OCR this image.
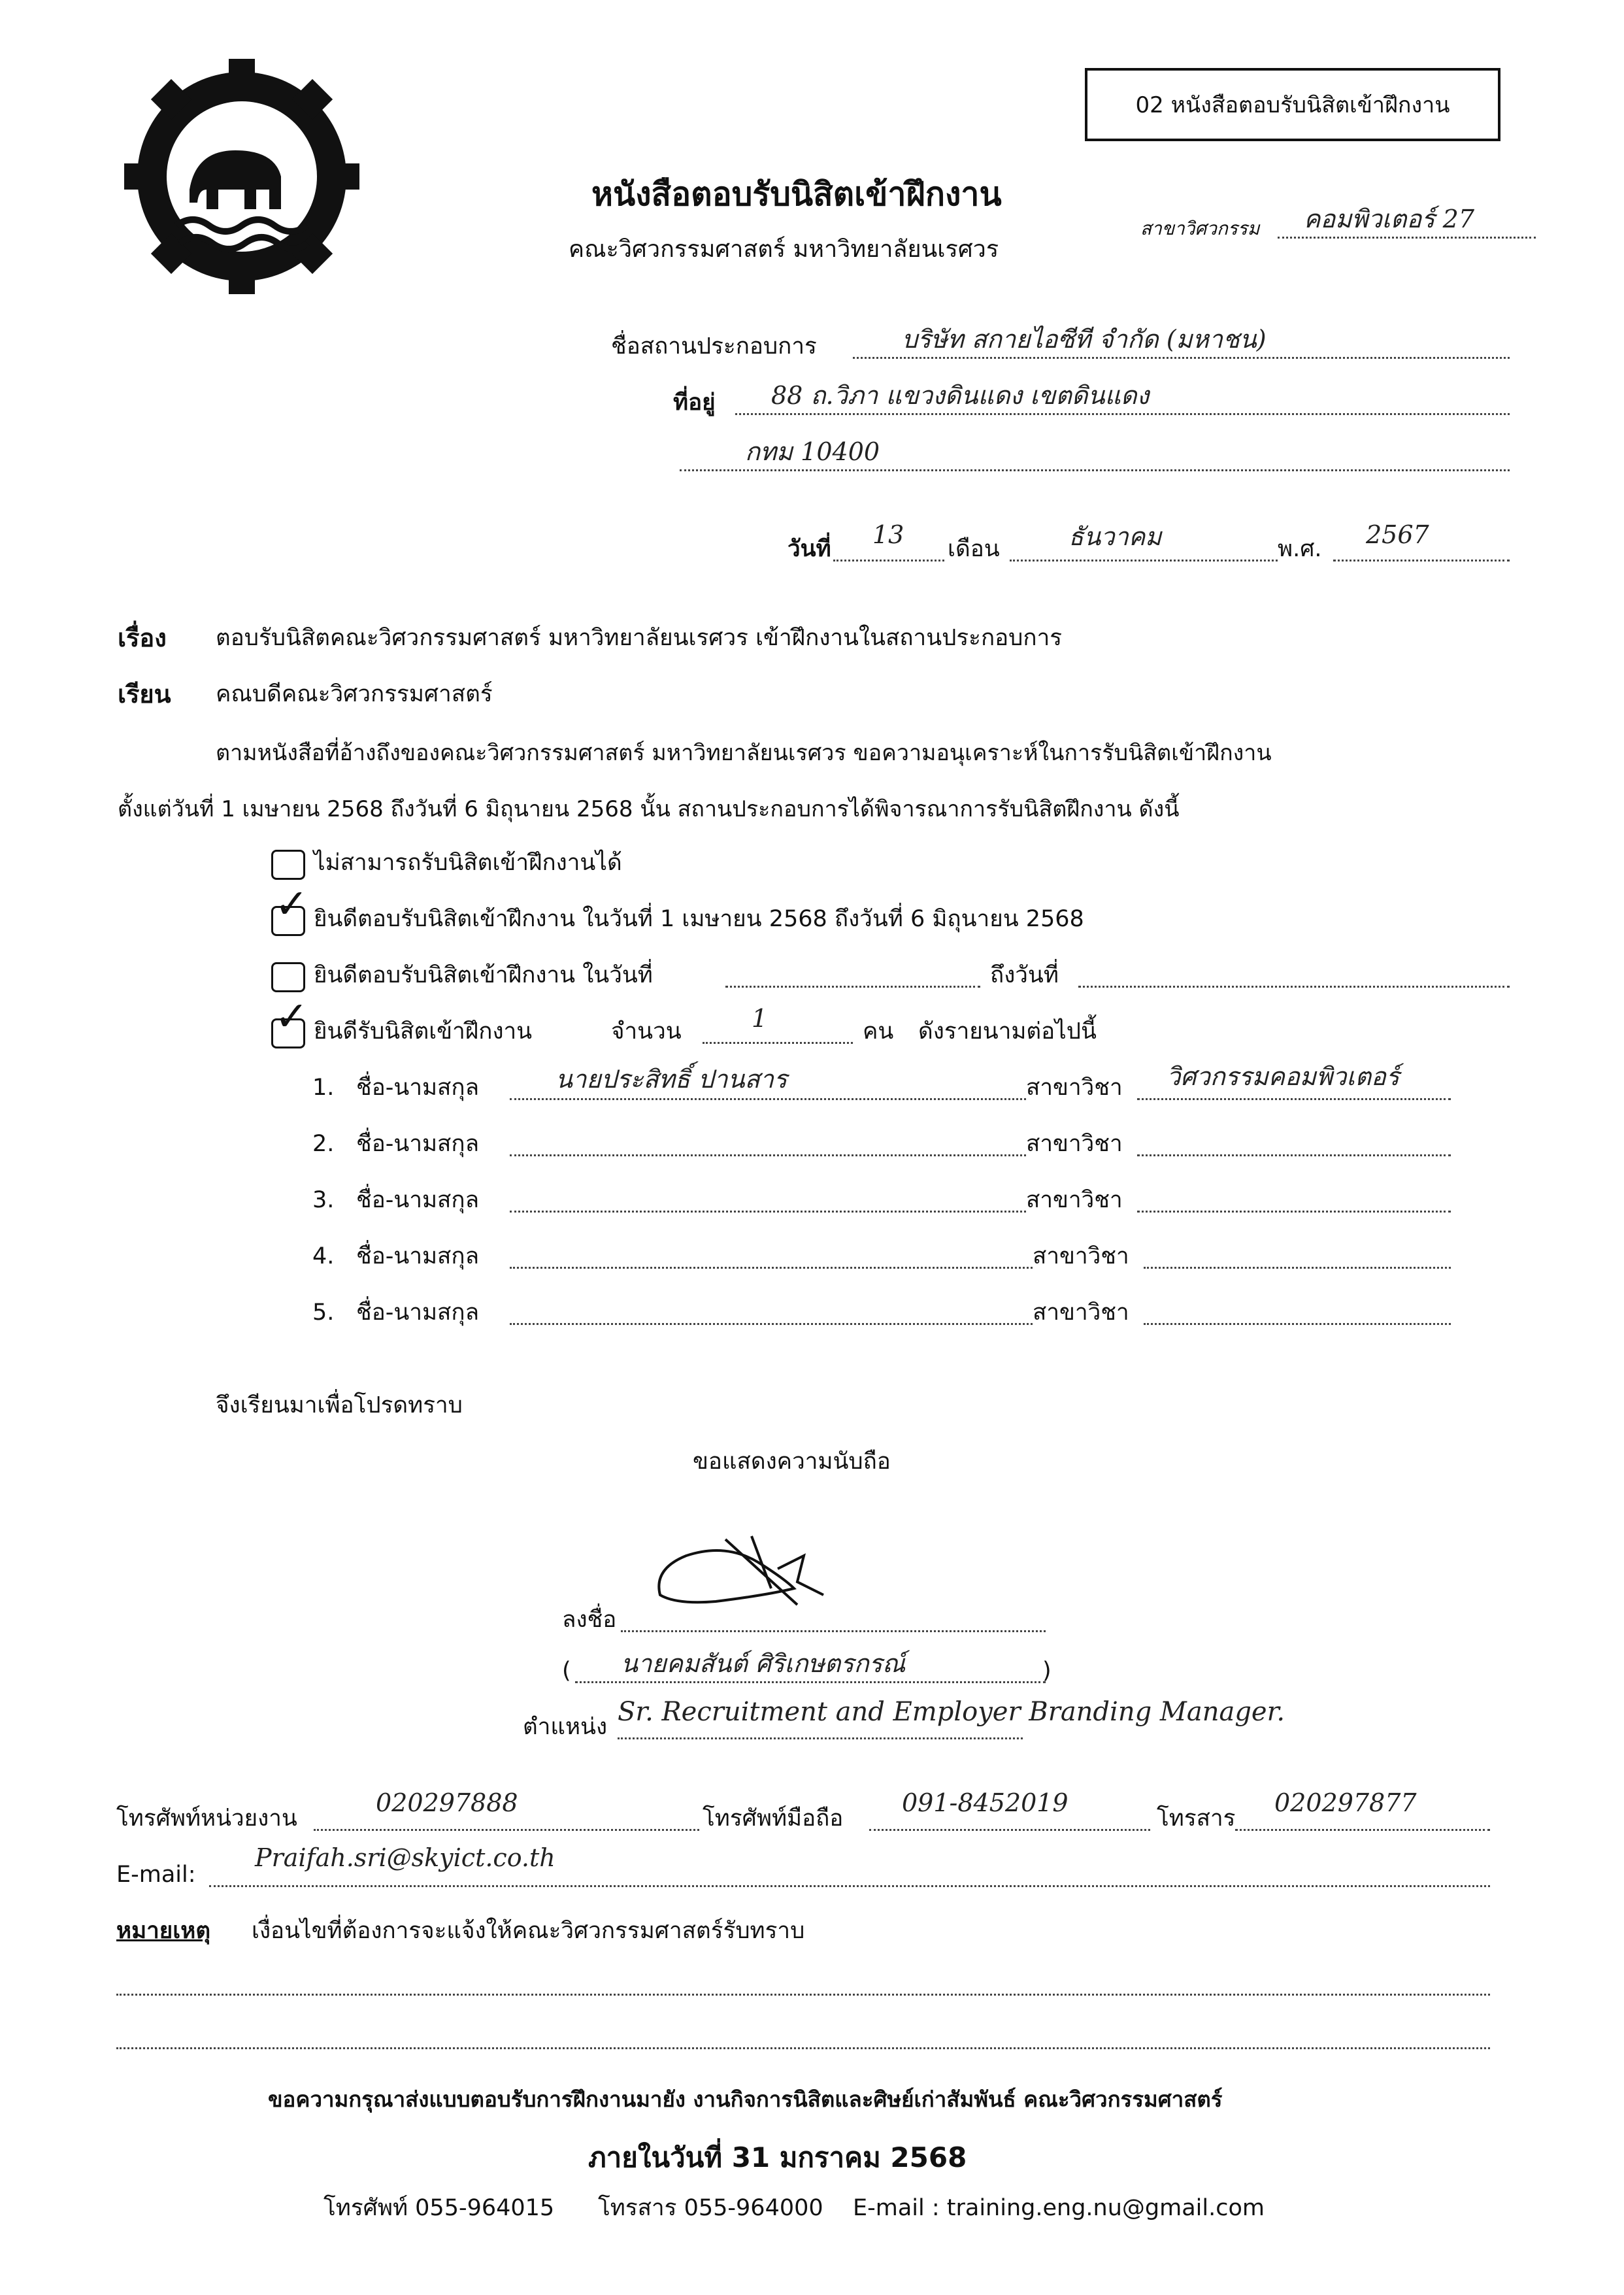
02 หนังสือตอบรับนิสิตเข้าฝึกงาน
หนังสือตอบรับนิสิตเข้าฝึกงาน
คณะวิศวกรรมศาสตร์ มหาวิทยาลัยนเรศวร
สาขาวิศวกรรม คอมพิวเตอร์ 27
ชื่อสถานประกอบการ	บริษัท สกายไอซีที จำกัด (มหาชน)
ที่อยู่ 88 ถ.วิภา แขวงดินแดง เขตดินแดง
กทม 10400
วันที่ 13 เดือน	ธันวาคม	พ.ศ. 2567
เรื่อง ตอบรับนิสิตคณะวิศวกรรมศาสตร์ มหาวิทยาลัยนเรศวร เข้าฝึกงานในสถานประกอบการ
เรียน คณบดีคณะวิศวกรรมศาสตร์
ตามหนังสือที่อ้างถึงของคณะวิศวกรรมศาสตร์ มหาวิทยาลัยนเรศวร ขอความอนุเคราะห์ในการรับนิสิตเข้าฝึกงาน
ตั้งแต่วันที่ 1 เมษายน 2568 ถึงวันที่ 6 มิถุนายน 2568 นั้น สถานประกอบการได้พิจารณาการรับนิสิตฝึกงาน ดังนี้
ไม่สามารถรับนิสิตเข้าฝึกงานได้
✓ ยินดีตอบรับนิสิตเข้าฝึกงาน ในวันที่ 1 เมษายน 2568 ถึงวันที่ 6 มิถุนายน 2568
ยินดีตอบรับนิสิตเข้าฝึกงาน ในวันที่	ถึงวันที่
✓ ยินดีรับนิสิตเข้าฝึกงาน	จำนวน	1	คน ดังรายนามต่อไปนี้
1. ชื่อ-นามสกุล	นายประสิทธิ์ ปานสาร	สาขาวิชา วิศวกรรมคอมพิวเตอร์
2. ชื่อ-นามสกุล	สาขาวิชา
3. ชื่อ-นามสกุล	สาขาวิชา
4. ชื่อ-นามสกุล	สาขาวิชา
5. ชื่อ-นามสกุล	สาขาวิชา
จึงเรียนมาเพื่อโปรดทราบ
ขอแสดงความนับถือ
ลงชื่อ
( นายคมสันต์ ศิริเกษตรกรณ์	)
ตำแหน่ง Sr. Recruitment and Employer Branding Manager.
โทรศัพท์หน่วยงาน
020297888
โทรศัพท์มือถือ
091-8452019
โทรสาร
020297877
E-mail:
Praifah.sri@skyict.co.th
หมายเหตุ เงื่อนไขที่ต้องการจะแจ้งให้คณะวิศวกรรมศาสตร์รับทราบ
ขอความกรุณาส่งแบบตอบรับการฝึกงานมายัง งานกิจการนิสิตและศิษย์เก่าสัมพันธ์ คณะวิศวกรรมศาสตร์
ภายในวันที่ 31 มกราคม 2568
โทรศัพท์ 055-964015 โทรสาร 055-964000 E-mail : training.eng.nu@gmail.com
